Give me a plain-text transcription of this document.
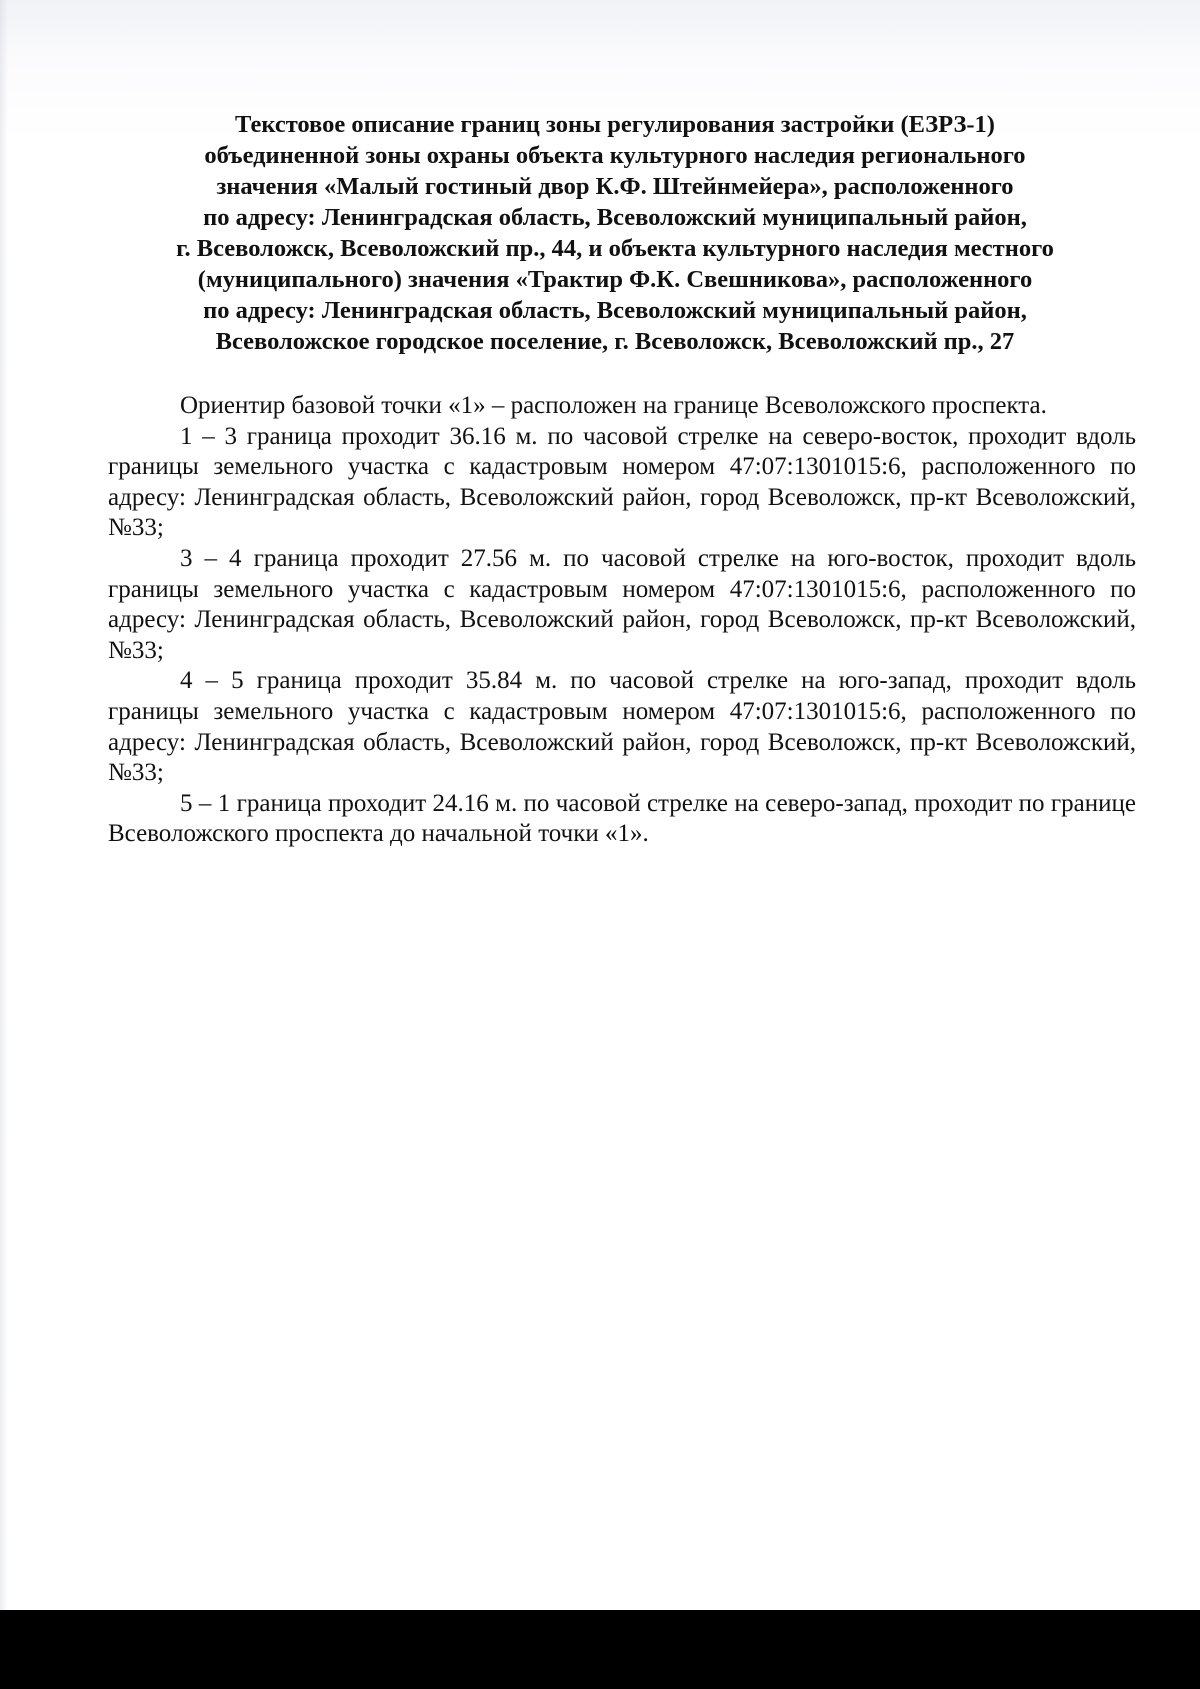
Текстовое описание границ зоны регулирования застройки (ЕЗРЗ-1)
объединенной зоны охраны объекта культурного наследия регионального
значения «Малый гостиный двор К.Ф. Штейнмейера», расположенного
по адресу: Ленинградская область, Всеволожский муниципальный район,
г. Всеволожск, Всеволожский пр., 44, и объекта культурного наследия местного
(муниципального) значения «Трактир Ф.К. Свешникова», расположенного
по адресу: Ленинградская область, Всеволожский муниципальный район,
Всеволожское городское поселение, г. Всеволожск, Всеволожский пр., 27

Ориентир базовой точки «1» – расположен на границе Всеволожского проспекта.

1 – 3 граница проходит 36.16 м. по часовой стрелке на северо-восток, проходит вдоль границы земельного участка с кадастровым номером 47:07:1301015:6, расположенного по адресу: Ленинградская область, Всеволожский район, город Всеволожск, пр-кт Всеволожский, №33;

3 – 4 граница проходит 27.56 м. по часовой стрелке на юго-восток, проходит вдоль границы земельного участка с кадастровым номером 47:07:1301015:6, расположенного по адресу: Ленинградская область, Всеволожский район, город Всеволожск, пр-кт Всеволожский, №33;

4 – 5 граница проходит 35.84 м. по часовой стрелке на юго-запад, проходит вдоль границы земельного участка с кадастровым номером 47:07:1301015:6, расположенного по адресу: Ленинградская область, Всеволожский район, город Всеволожск, пр-кт Всеволожский, №33;

5 – 1 граница проходит 24.16 м. по часовой стрелке на северо-запад, проходит по границе Всеволожского проспекта до начальной точки «1».
